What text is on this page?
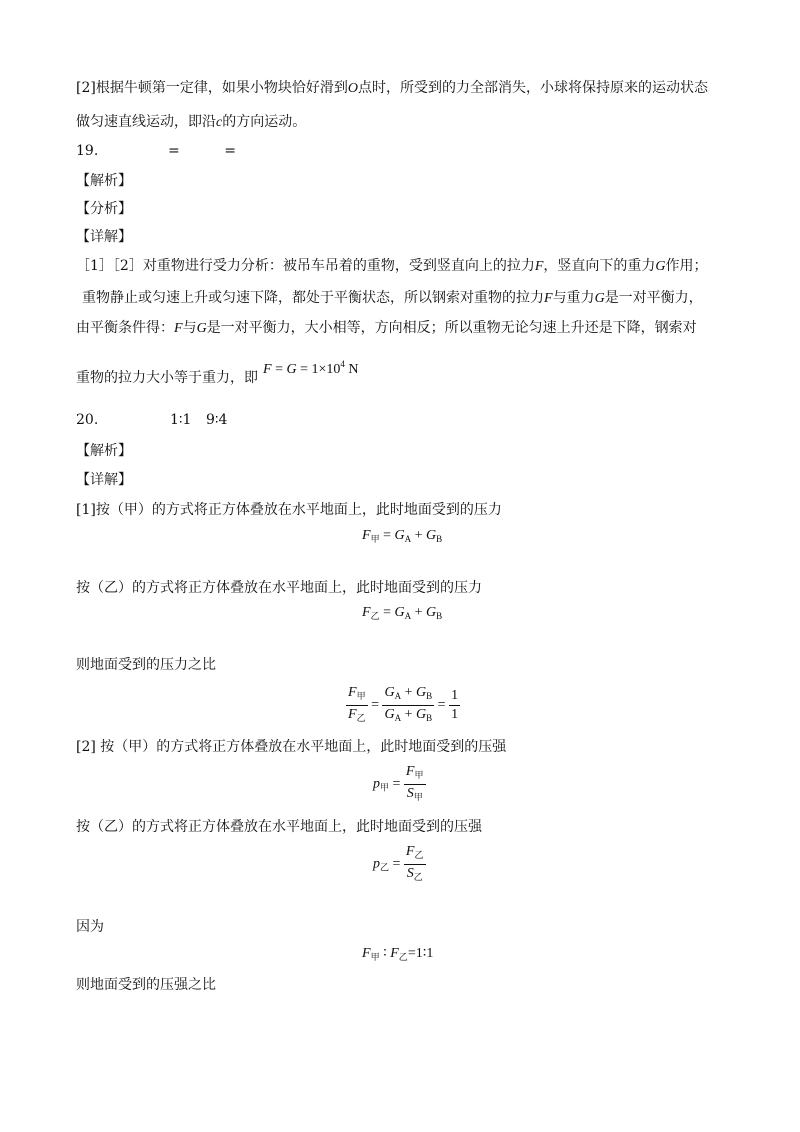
[2]根据牛顿第一定律，如果小物块恰好滑到O点时，所受到的力全部消失，小球将保持原来的运动状态
做匀速直线运动，即沿c的方向运动。
19.	=          =
【解析】
【分析】
【详解】
［1］［2］对重物进行受力分析：被吊车吊着的重物，受到竖直向上的拉力F，竖直向下的重力G作用；
重物静止或匀速上升或匀速下降，都处于平衡状态，所以钢索对重物的拉力F与重力G是一对平衡力，
由平衡条件得：F与G是一对平衡力，大小相等，方向相反；所以重物无论匀速上升还是下降，钢索对
重物的拉力大小等于重力，即
$F = G = 1\times 10^4$ N
20.	1∶1 9∶4
【解析】
【详解】
[1]按（甲）的方式将正方体叠放在水平地面上，此时地面受到的压力
$F_甲 = G_A + G_B$
按（乙）的方式将正方体叠放在水平地面上，此时地面受到的压力
$F_乙 = G_A + G_B$
则地面受到的压力之比
$\frac{F_甲}{F_乙} = \frac{G_A + G_B}{G_A + G_B} = \frac{1}{1}$
[2] 按（甲）的方式将正方体叠放在水平地面上，此时地面受到的压强
$p_甲 = \frac{F_甲}{S_甲}$
按（乙）的方式将正方体叠放在水平地面上，此时地面受到的压强
$p_乙 = \frac{F_乙}{S_乙}$
因为
$F_甲$ ∶ $F_乙=1∶1$
则地面受到的压强之比
